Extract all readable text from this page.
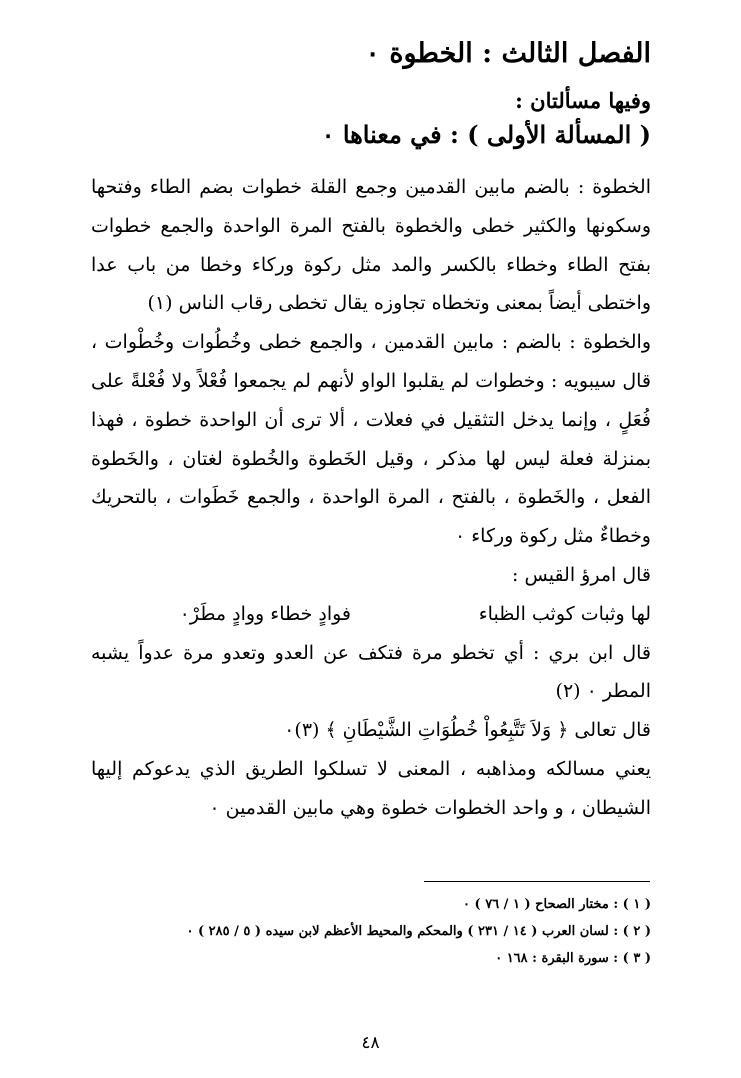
الفصل الثالث : الخطوة ٠
وفيها مسألتان :
( المسألة الأولى ) : في معناها ٠

الخطوة : بالضم مابين القدمين وجمع القلة خطوات بضم الطاء وفتحها وسكونها والكثير خطى والخطوة بالفتح المرة الواحدة والجمع خطوات بفتح الطاء وخطاء بالكسر والمد مثل ركوة وركاء وخطا من باب عدا واختطى أيضاً بمعنى وتخطاه تجاوزه يقال تخطى رقاب الناس (١)

والخطوة : بالضم : مابين القدمين ، والجمع خطى وخُطُوات وخُطْوات ، قال سيبويه : وخطوات لم يقلبوا الواو لأنهم لم يجمعوا فُعْلاً ولا فُعْلةً على فُعَلٍ ، وإنما يدخل التثقيل في فعلات ، ألا ترى أن الواحدة خطوة ، فهذا بمنزلة فعلة ليس لها مذكر ، وقيل الخَطوة والخُطوة لغتان ، والخَطوة الفعل ، والخَطوة ، بالفتح ، المرة الواحدة ، والجمع خَطَوات ، بالتحريك وخطاءٌ مثل ركوة وركاء ٠

قال امرؤ القيس :

لها وثبات كوثب الظباء
فوادٍ خطاء ووادٍ مطَرْ٠

قال ابن بري : أي تخطو مرة فتكف عن العدو وتعدو مرة عدواً يشبه المطر ٠ (٢)

قال تعالى ﴿ وَلاَ تَتَّبِعُواْ خُطُوَاتِ الشَّيْطَانِ ﴾ (٣)٠

يعني مسالكه ومذاهبه ، المعنى لا تسلكوا الطريق الذي يدعوكم إليها الشيطان ، و واحد الخطوات خطوة وهي مابين القدمين ٠

( ١ ) : مختار الصحاح ( ١ / ٧٦ ) ٠
( ٢ ) : لسان العرب ( ١٤ / ٢٣١ ) والمحكم والمحيط الأعظم لابن سيده ( ٥ / ٢٨٥ ) ٠
( ٣ ) : سورة البقرة : ١٦٨ ٠
٤٨
